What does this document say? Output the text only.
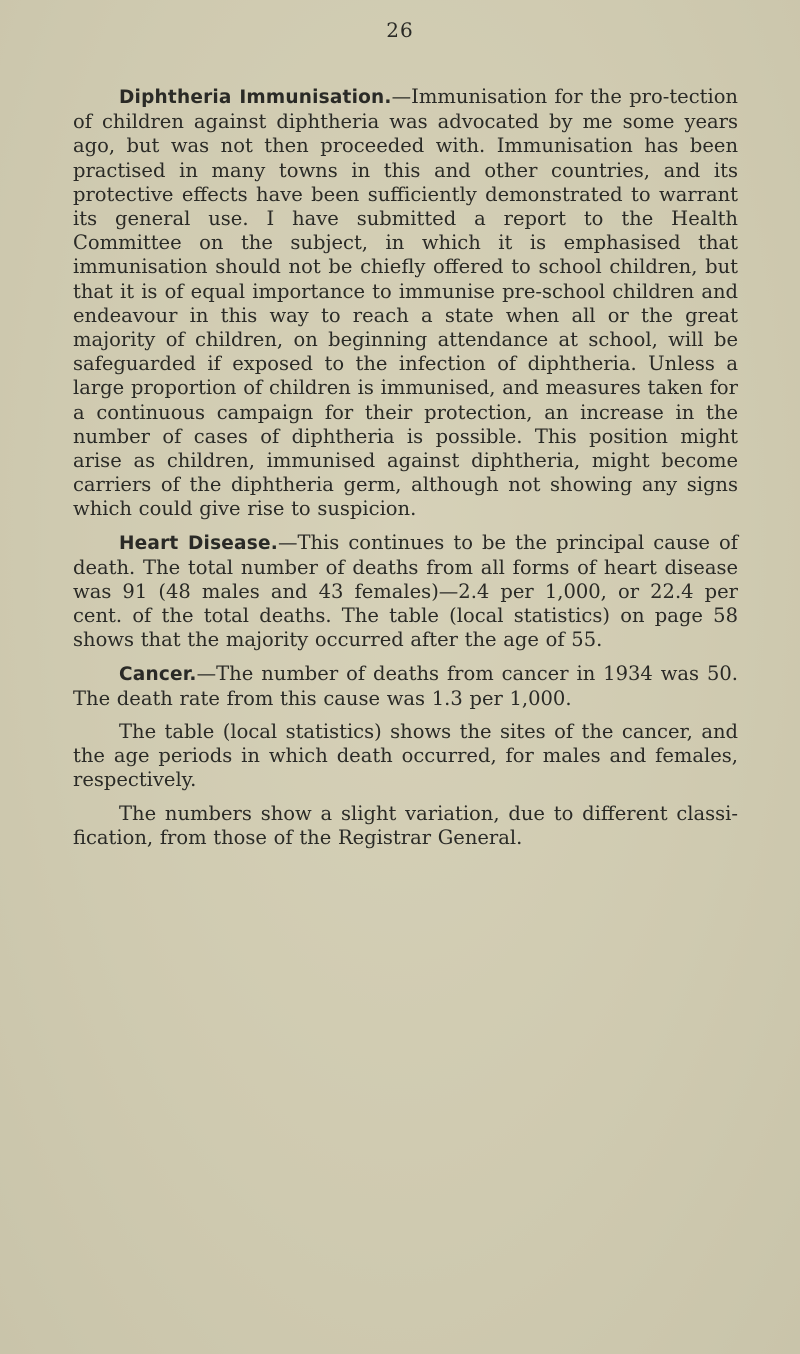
26

Diphtheria Immunisation.—Immunisation for the pro-tection of children against diphtheria was advocated by me some years ago, but was not then proceeded with. Immunisation has been practised in many towns in this and other countries, and its protective effects have been sufficiently demonstrated to warrant its general use. I have submitted a report to the Health Committee on the subject, in which it is emphasised that immunisation should not be chiefly offered to school children, but that it is of equal importance to immunise pre-school children and endeavour in this way to reach a state when all or the great majority of children, on beginning attendance at school, will be safeguarded if exposed to the infection of diphtheria. Unless a large proportion of children is immunised, and measures taken for a continuous campaign for their protection, an increase in the number of cases of diphtheria is possible. This position might arise as children, immunised against diphtheria, might become carriers of the diphtheria germ, although not showing any signs which could give rise to suspicion.

Heart Disease.—This continues to be the principal cause of death. The total number of deaths from all forms of heart disease was 91 (48 males and 43 females)—2.4 per 1,000, or 22.4 per cent. of the total deaths. The table (local statistics) on page 58 shows that the majority occurred after the age of 55.

Cancer.—The number of deaths from cancer in 1934 was 50. The death rate from this cause was 1.3 per 1,000.

The table (local statistics) shows the sites of the cancer, and the age periods in which death occurred, for males and females, respectively.

The numbers show a slight variation, due to different classi-fication, from those of the Registrar General.
